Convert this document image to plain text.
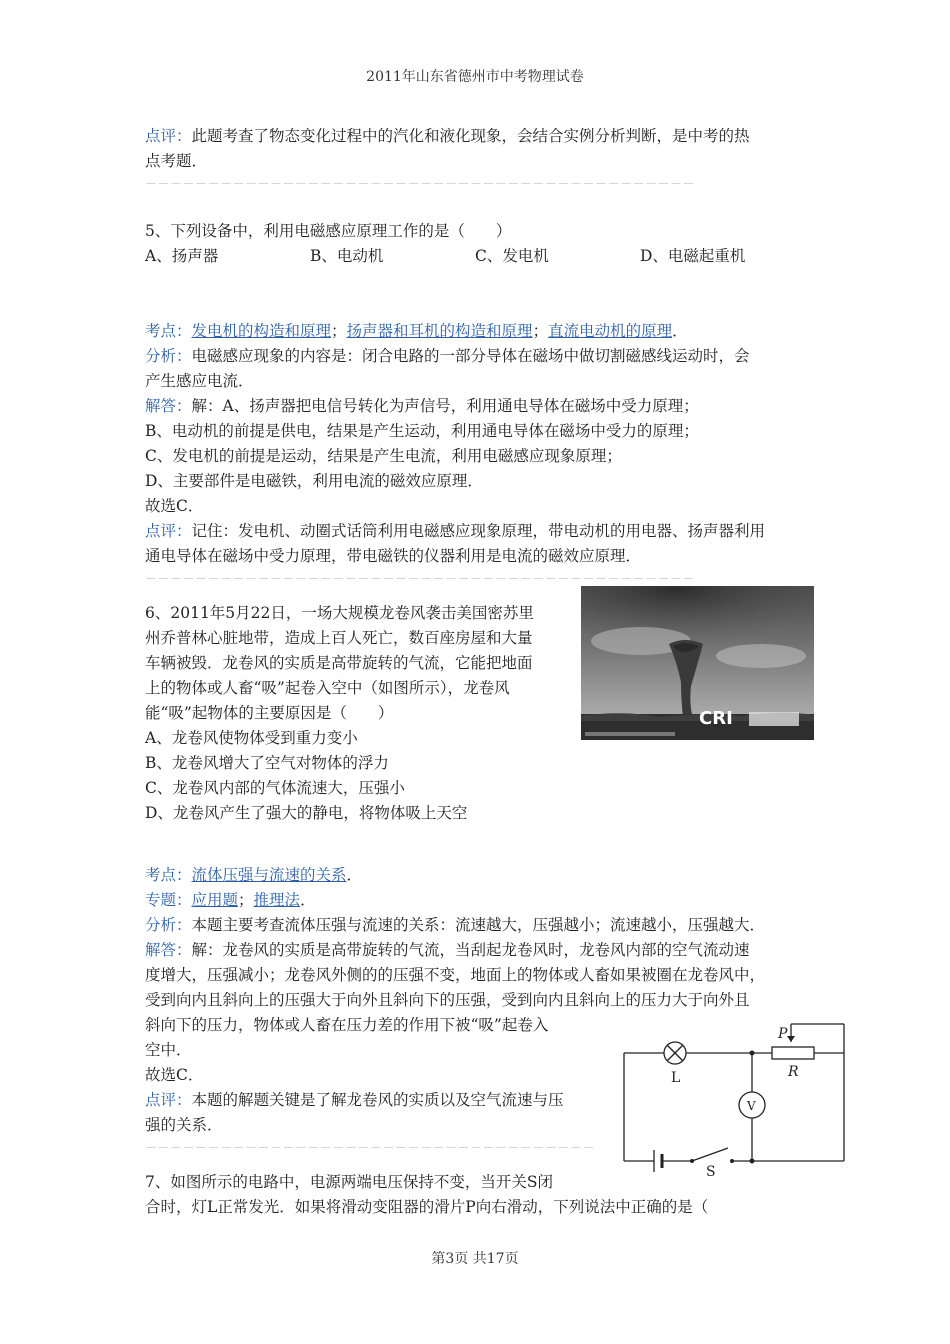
2011年山东省德州市中考物理试卷
点评：此题考查了物态变化过程中的汽化和液化现象，会结合实例分析判断，是中考的热
点考题．
－－－－－－－－－－－－－－－－－－－－－－－－－－－－－－－－－－－－－－－－－－－－
5、下列设备中，利用电磁感应原理工作的是（　　）
A、扬声器	B、电动机	C、发电机	D、电磁起重机
考点：发电机的构造和原理；扬声器和耳机的构造和原理；直流电动机的原理．
分析：电磁感应现象的内容是：闭合电路的一部分导体在磁场中做切割磁感线运动时，会
产生感应电流．
解答：解：A、扬声器把电信号转化为声信号，利用通电导体在磁场中受力原理；
B、电动机的前提是供电，结果是产生运动，利用通电导体在磁场中受力的原理；
C、发电机的前提是运动，结果是产生电流，利用电磁感应现象原理；
D、主要部件是电磁铁，利用电流的磁效应原理．
故选C．
点评：记住：发电机、动圈式话筒利用电磁感应现象原理，带电动机的用电器、扬声器利用
通电导体在磁场中受力原理，带电磁铁的仪器利用是电流的磁效应原理．
－－－－－－－－－－－－－－－－－－－－－－－－－－－－－－－－－－－－－－－－－－－－
6、2011年5月22日，一场大规模龙卷风袭击美国密苏里
州乔普林心脏地带，造成上百人死亡，数百座房屋和大量
车辆被毁．龙卷风的实质是高带旋转的气流，它能把地面
上的物体或人畜“吸”起卷入空中（如图所示），龙卷风
能“吸”起物体的主要原因是（　　）
A、龙卷风使物体受到重力变小
B、龙卷风增大了空气对物体的浮力
C、龙卷风内部的气体流速大，压强小
D、龙卷风产生了强大的静电，将物体吸上天空
考点：流体压强与流速的关系．
专题：应用题；推理法．
分析：本题主要考查流体压强与流速的关系：流速越大，压强越小；流速越小，压强越大．
解答：解：龙卷风的实质是高带旋转的气流，当刮起龙卷风时，龙卷风内部的空气流动速
度增大，压强减小；龙卷风外侧的的压强不变，地面上的物体或人畜如果被圈在龙卷风中，
受到向内且斜向上的压强大于向外且斜向下的压强，受到向内且斜向上的压力大于向外且
斜向下的压力，物体或人畜在压力差的作用下被“吸”起卷入
空中．
故选C．
点评：本题的解题关键是了解龙卷风的实质以及空气流速与压
强的关系．
－－－－－－－－－－－－－－－－－－－－－－－－－－－－－－－－－－－－
7、如图所示的电路中，电源两端电压保持不变，当开关S闭
合时，灯L正常发光．如果将滑动变阻器的滑片P向右滑动，下列说法中正确的是（
CRI
P
R
L
V
S
第3页 共17页
